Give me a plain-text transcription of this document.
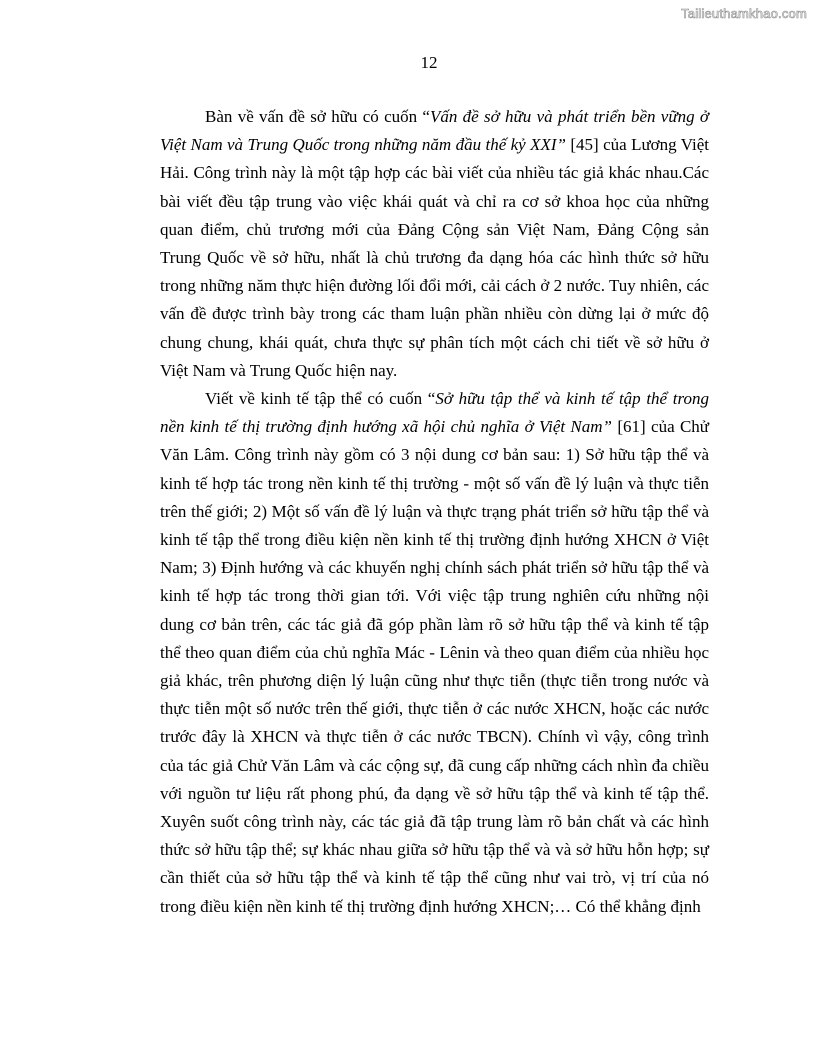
Tailieuthamkhao.com
12

Bàn về vấn đề sở hữu có cuốn “Vấn đề sở hữu và phát triển bền vững ở Việt Nam và Trung Quốc trong những năm đầu thế kỷ XXI” [45] của Lương Việt Hải. Công trình này là một tập hợp các bài viết của nhiều tác giả khác nhau.Các bài viết đều tập trung vào việc khái quát và chỉ ra cơ sở khoa học của những quan điểm, chủ trương mới của Đảng Cộng sản Việt Nam, Đảng Cộng sản Trung Quốc về sở hữu, nhất là chủ trương đa dạng hóa các hình thức sở hữu trong những năm thực hiện đường lối đổi mới, cải cách ở 2 nước. Tuy nhiên, các vấn đề được trình bày trong các tham luận phần nhiều còn dừng lại ở mức độ chung chung, khái quát, chưa thực sự phân tích một cách chi tiết về sở hữu ở Việt Nam và Trung Quốc hiện nay.

Viết về kinh tế tập thể có cuốn “Sở hữu tập thể và kinh tế tập thể trong nền kinh tế thị trường định hướng xã hội chủ nghĩa ở Việt Nam” [61] của Chử Văn Lâm. Công trình này gồm có 3 nội dung cơ bản sau: 1) Sở hữu tập thể và kinh tế hợp tác trong nền kinh tế thị trường - một số vấn đề lý luận và thực tiễn trên thế giới; 2) Một số vấn đề lý luận và thực trạng phát triển sở hữu tập thể và kinh tế tập thể trong điều kiện nền kinh tế thị trường định hướng XHCN ở Việt Nam; 3) Định hướng và các khuyến nghị chính sách phát triển sở hữu tập thể và kinh tế hợp tác trong thời gian tới. Với việc tập trung nghiên cứu những nội dung cơ bản trên, các tác giả đã góp phần làm rõ sở hữu tập thể và kinh tế tập thể theo quan điểm của chủ nghĩa Mác - Lênin và theo quan điểm của nhiều học giả khác, trên phương diện lý luận cũng như thực tiễn (thực tiễn trong nước và thực tiễn một số nước trên thế giới, thực tiễn ở các nước XHCN, hoặc các nước trước đây là XHCN và thực tiễn ở các nước TBCN). Chính vì vậy, công trình của tác giả Chử Văn Lâm và các cộng sự, đã cung cấp những cách nhìn đa chiều với nguồn tư liệu rất phong phú, đa dạng về sở hữu tập thể và kinh tế tập thể. Xuyên suốt công trình này, các tác giả đã tập trung làm rõ bản chất và các hình thức sở hữu tập thể; sự khác nhau giữa sở hữu tập thể và và sở hữu hỗn hợp; sự cần thiết của sở hữu tập thể và kinh tế tập thể cũng như vai trò, vị trí của nó trong điều kiện nền kinh tế thị trường định hướng XHCN;… Có thể khẳng định
